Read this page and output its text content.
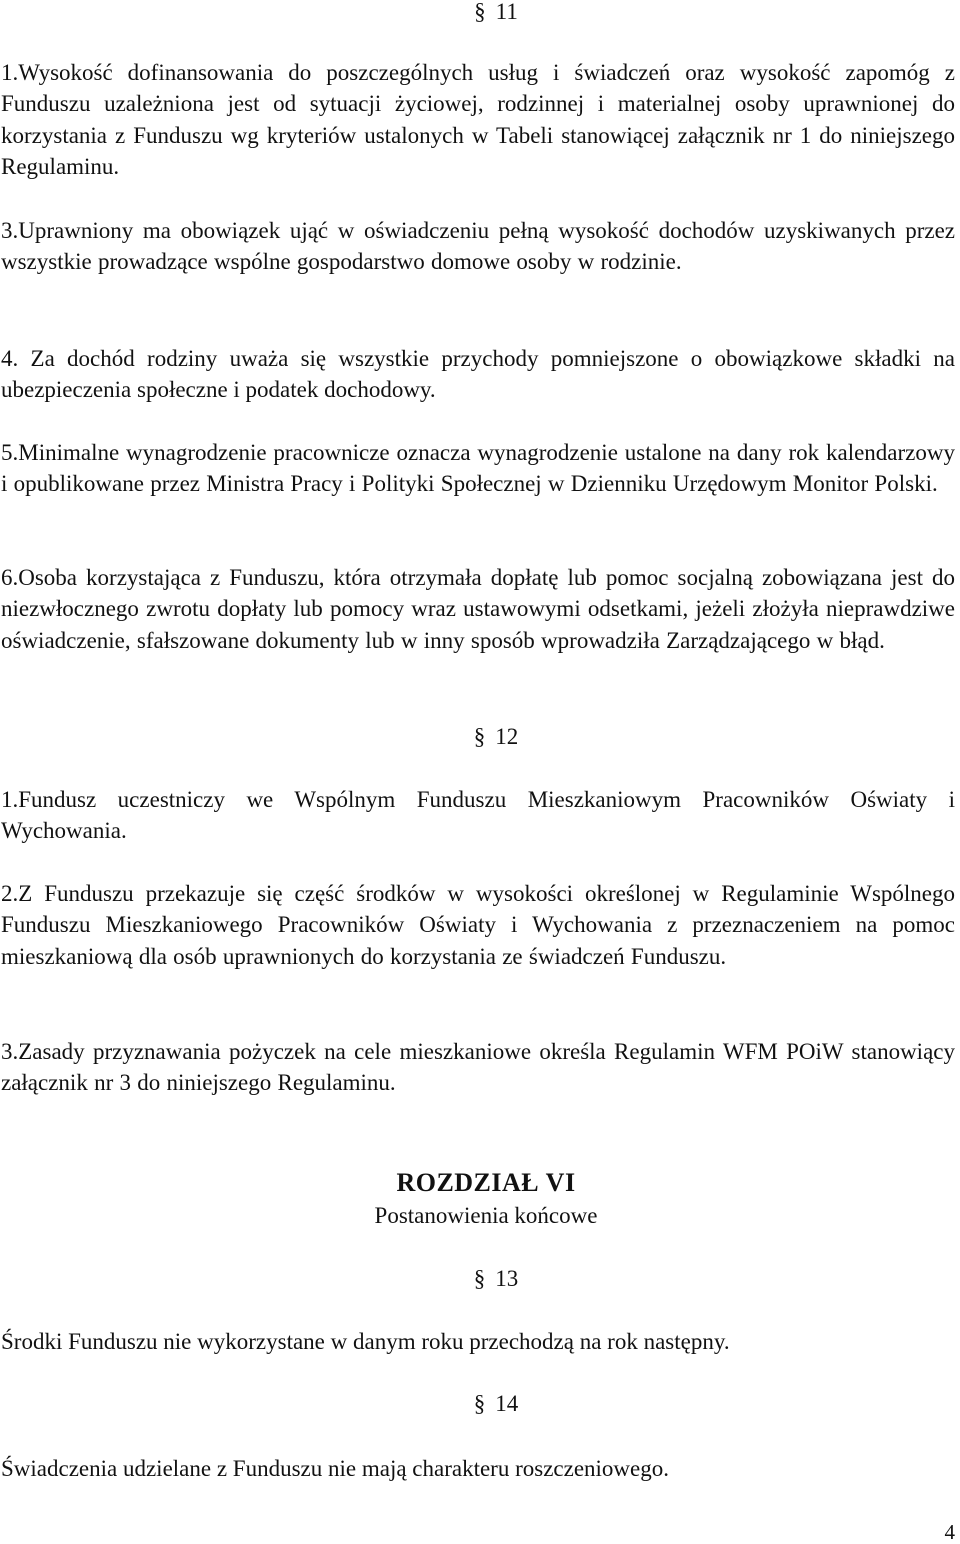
§ 11
1.Wysokość dofinansowania do poszczególnych usług i świadczeń oraz wysokość zapomóg z Funduszu uzależniona jest od sytuacji życiowej, rodzinnej i materialnej osoby uprawnionej do korzystania z Funduszu wg kryteriów ustalonych w Tabeli stanowiącej załącznik nr 1 do niniejszego Regulaminu.
3.Uprawniony ma obowiązek ująć w oświadczeniu pełną wysokość dochodów uzyskiwanych przez wszystkie prowadzące wspólne gospodarstwo domowe osoby w rodzinie.
4. Za dochód rodziny uważa się wszystkie przychody pomniejszone o obowiązkowe składki na ubezpieczenia społeczne i podatek dochodowy.
5.Minimalne wynagrodzenie pracownicze oznacza wynagrodzenie ustalone na dany rok kalendarzowy i opublikowane przez Ministra Pracy i Polityki Społecznej w Dzienniku Urzędowym Monitor Polski.
6.Osoba korzystająca z Funduszu, która otrzymała dopłatę lub pomoc socjalną zobowiązana jest do niezwłocznego zwrotu dopłaty lub pomocy wraz ustawowymi odsetkami, jeżeli złożyła nieprawdziwe oświadczenie, sfałszowane dokumenty lub w inny sposób wprowadziła Zarządzającego w błąd.
§ 12
1.Fundusz uczestniczy we Wspólnym Funduszu Mieszkaniowym Pracowników Oświaty i Wychowania.
2.Z Funduszu przekazuje się część środków w wysokości określonej w Regulaminie Wspólnego Funduszu Mieszkaniowego Pracowników Oświaty i Wychowania z przeznaczeniem na pomoc mieszkaniową dla osób uprawnionych do korzystania ze świadczeń Funduszu.
3.Zasady przyznawania pożyczek na cele mieszkaniowe określa Regulamin WFM POiW stanowiący załącznik nr 3 do niniejszego Regulaminu.
ROZDZIAŁ VI
Postanowienia końcowe
§ 13
Środki Funduszu nie wykorzystane w danym roku przechodzą na rok następny.
§ 14
Świadczenia udzielane z Funduszu nie mają charakteru roszczeniowego.
4
